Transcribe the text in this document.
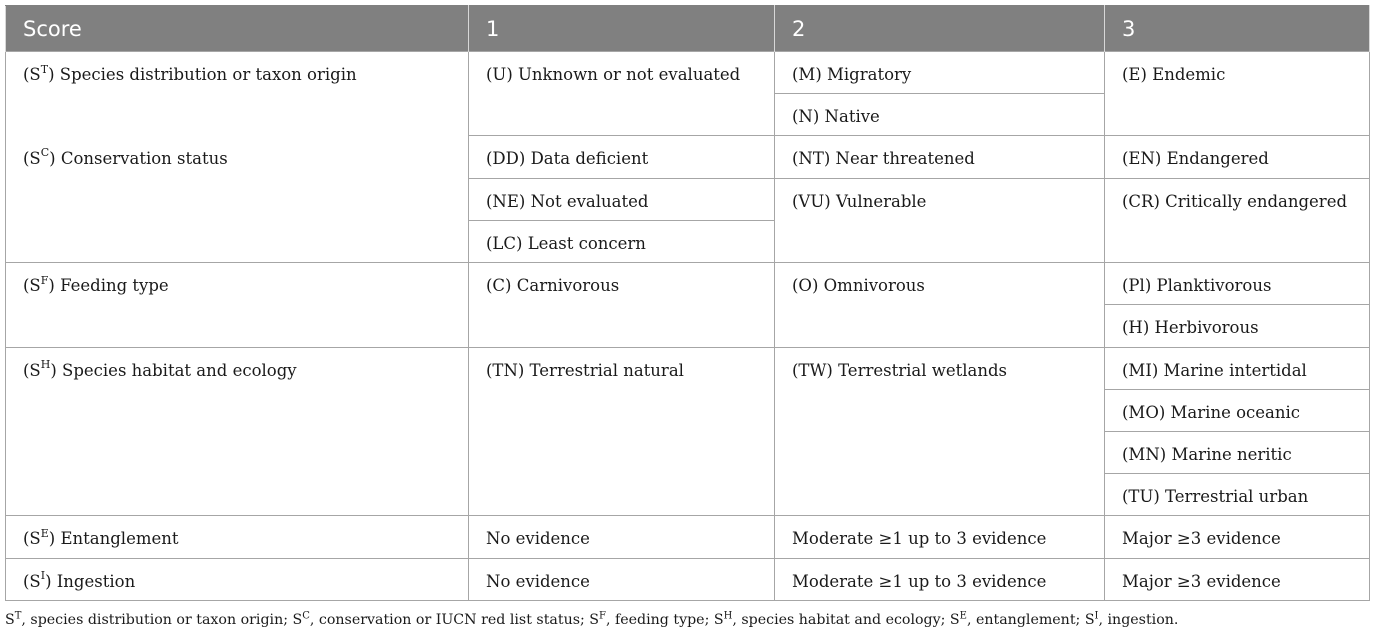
Score	1	2	3
$(S^T)$ Species distribution or taxon origin	(U) Unknown or not evaluated	(M) Migratory	(E) Endemic
		(N) Native	
$(S^C)$ Conservation status	(DD) Data deficient	(NT) Near threatened	(EN) Endangered
	(NE) Not evaluated	(VU) Vulnerable	(CR) Critically endangered
	(LC) Least concern		
$(S^F)$ Feeding type	(C) Carnivorous	(O) Omnivorous	(Pl) Planktivorous
			(H) Herbivorous
$(S^H)$ Species habitat and ecology	(TN) Terrestrial natural	(TW) Terrestrial wetlands	(MI) Marine intertidal
			(MO) Marine oceanic
			(MN) Marine neritic
			(TU) Terrestrial urban
$(S^E)$ Entanglement	No evidence	Moderate ≥1 up to 3 evidence	Major ≥3 evidence
$(S^I)$ Ingestion	No evidence	Moderate ≥1 up to 3 evidence	Major ≥3 evidence
$S^T$, species distribution or taxon origin; $S^C$, conservation or IUCN red list status; $S^F$, feeding type; $S^H$, species habitat and ecology; $S^E$, entanglement; $S^I$, ingestion.
